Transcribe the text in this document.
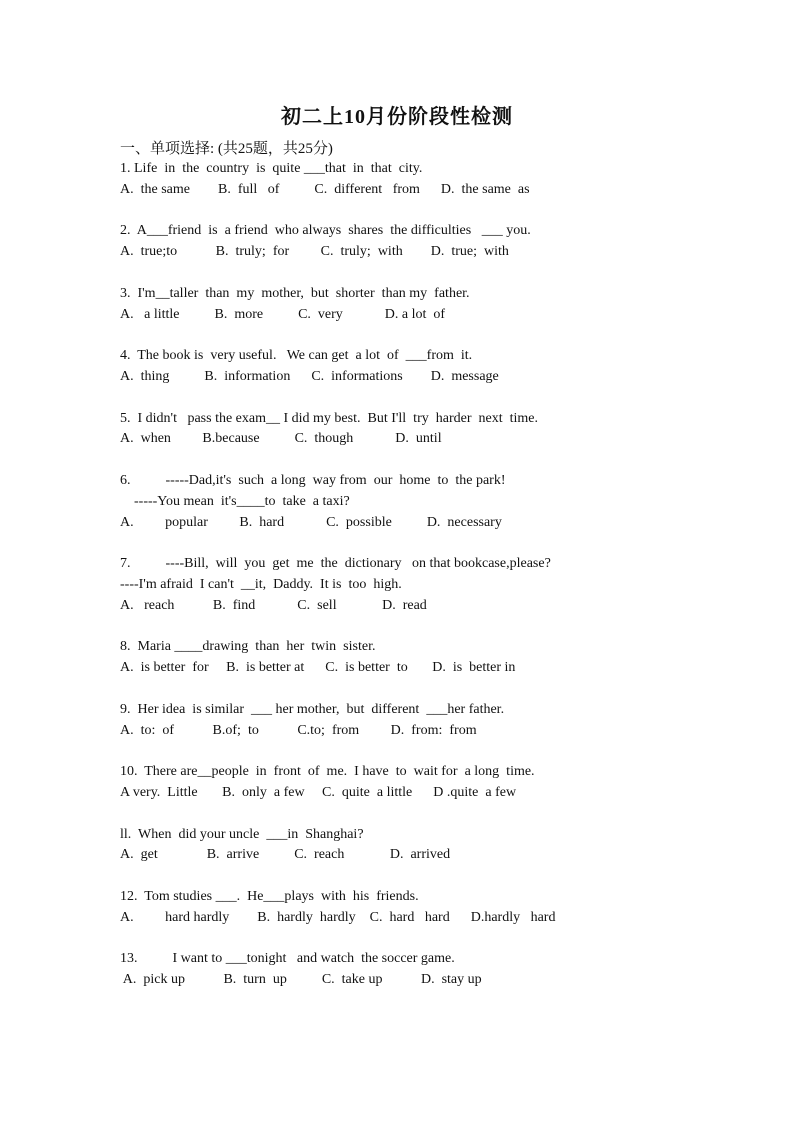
初二上10月份阶段性检测
一、单项选择: (共25题，共25分)
1. Life  in  the  country  is  quite ___that  in  that  city.
A.  the same        B.  full   of          C.  different   from      D.  the same  as
2.  A___friend  is  a friend  who always  shares  the difficulties   ___ you.
A.  true;to           B.  truly;  for         C.  truly;  with        D.  true;  with
3.  I'm__taller  than  my  mother,  but  shorter  than my  father.
A.   a little          B.  more          C.  very            D. a lot  of
4.  The book is  very useful.   We can get  a lot  of  ___from  it.
A.  thing          B.  information      C.  informations        D.  message
5.  I didn't   pass the exam__ I did my best.  But I'll  try  harder  next  time.
A.  when         B.because          C.  though            D.  until
6.          -----Dad,it's  such  a long  way from  our  home  to  the park!
-----You mean  it's____to  take  a taxi?
A.         popular         B.  hard            C.  possible          D.  necessary
7.          ----Bill,  will  you  get  me  the  dictionary   on that bookcase,please?
----I'm afraid  I can't  __it,  Daddy.  It is  too  high.
A.   reach           B.  find            C.  sell             D.  read
8.  Maria ____drawing  than  her  twin  sister.
A.  is better  for     B.  is better at      C.  is better  to       D.  is  better in
9.  Her idea  is similar  ___ her mother,  but  different  ___her father.
A.  to:  of           B.of;  to           C.to;  from         D.  from:  from
10.  There are__people  in  front  of  me.  I have  to  wait for  a long  time.
A very.  Little       B.  only  a few     C.  quite  a little      D .quite  a few
ll.  When  did your uncle  ___in  Shanghai?
A.  get              B.  arrive          C.  reach             D.  arrived
12.  Tom studies ___.  He___plays  with  his  friends.
A.         hard hardly        B.  hardly  hardly    C.  hard   hard      D.hardly   hard
13.          I want to ___tonight   and watch  the soccer game.
A.  pick up           B.  turn  up          C.  take up           D.  stay up
